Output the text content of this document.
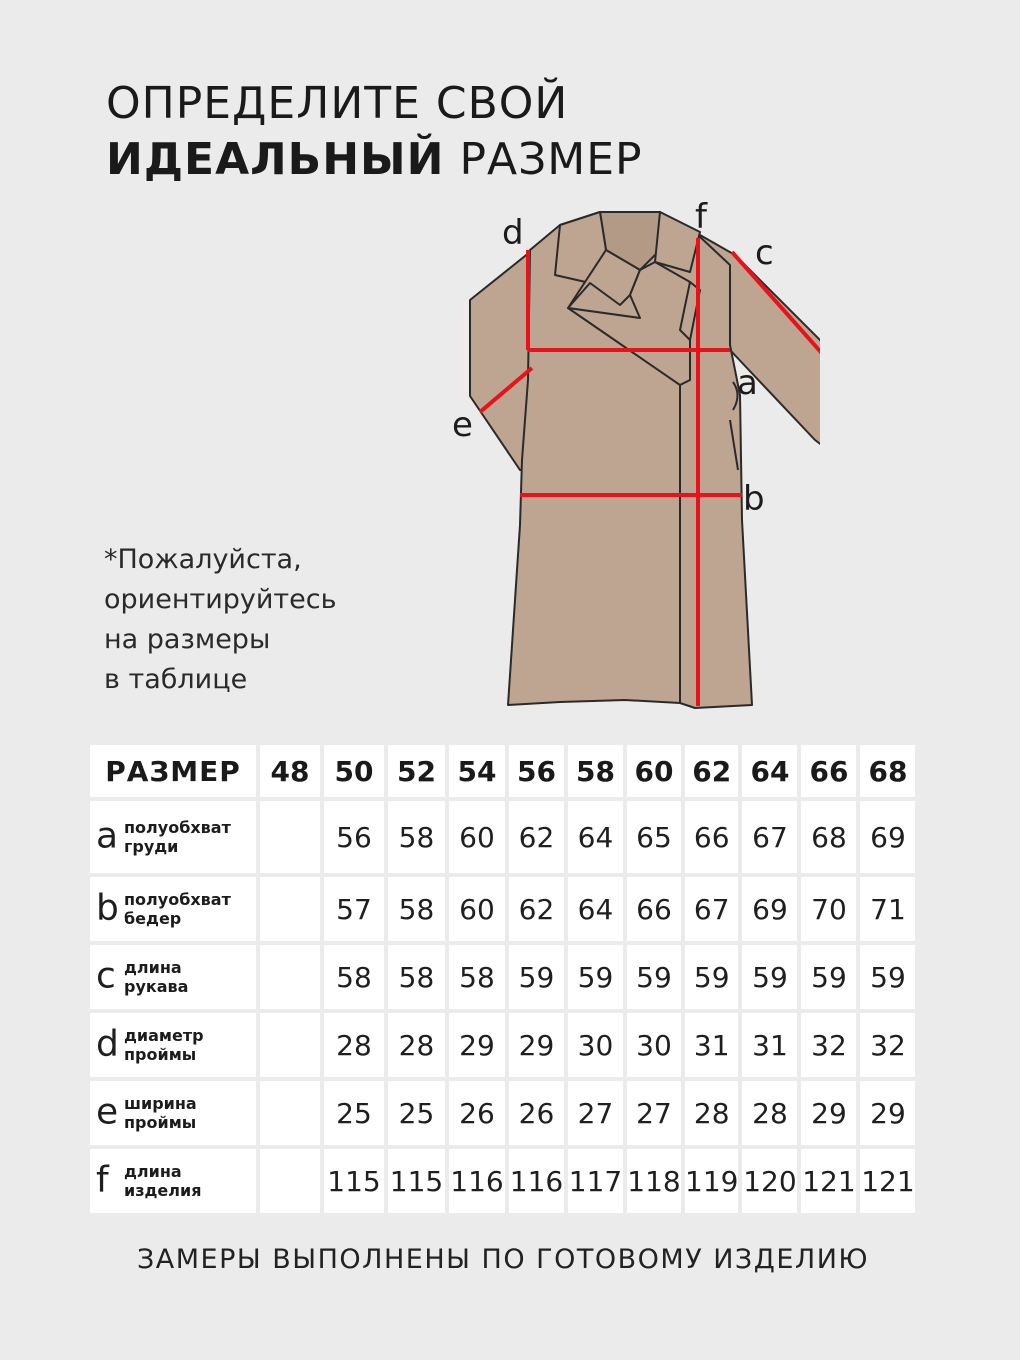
ОПРЕДЕЛИТЕ СВОЙ
ИДЕАЛЬНЫЙ РАЗМЕР

*Пожалуйста,
ориентируйтесь
на размеры
в таблице

d	f
c
a
e
b
РАЗМЕР	48	50	52	54	56	58	60	62	64	66	68

a полуобхват
груди		56	58	60	62	64	65	66	67	68	69

b полуобхват
бедер		57	58	60	62	64	66	67	69	70	71

c длина
рукава		58	58	58	59	59	59	59	59	59	59

d диаметр
проймы		28	28	29	29	30	30	31	31	32	32

e ширина
проймы		25	25	26	26	27	27	28	28	29	29

f длина
изделия		115	115	116	116	117	118	119	120	121	121

ЗАМЕРЫ ВЫПОЛНЕНЫ ПО ГОТОВОМУ ИЗДЕЛИЮ
